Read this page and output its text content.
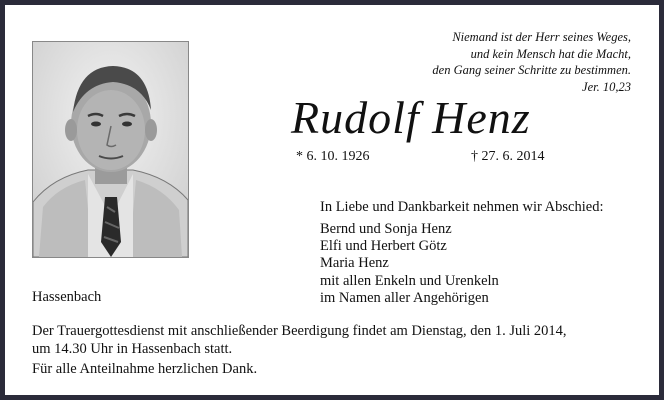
Niemand ist der Herr seines Weges,
und kein Mensch hat die Macht,
den Gang seiner Schritte zu bestimmen.
Jer. 10,23
Rudolf Henz
* 6. 10. 1926	† 27. 6. 2014
In Liebe und Dankbarkeit nehmen wir Abschied:
Bernd und Sonja Henz
Elfi und Herbert Götz
Maria Henz
mit allen Enkeln und Urenkeln
im Namen aller Angehörigen
Hassenbach
Der Trauergottesdienst mit anschließender Beerdigung findet am Dienstag, den 1. Juli 2014,
um 14.30 Uhr in Hassenbach statt.
Für alle Anteilnahme herzlichen Dank.
